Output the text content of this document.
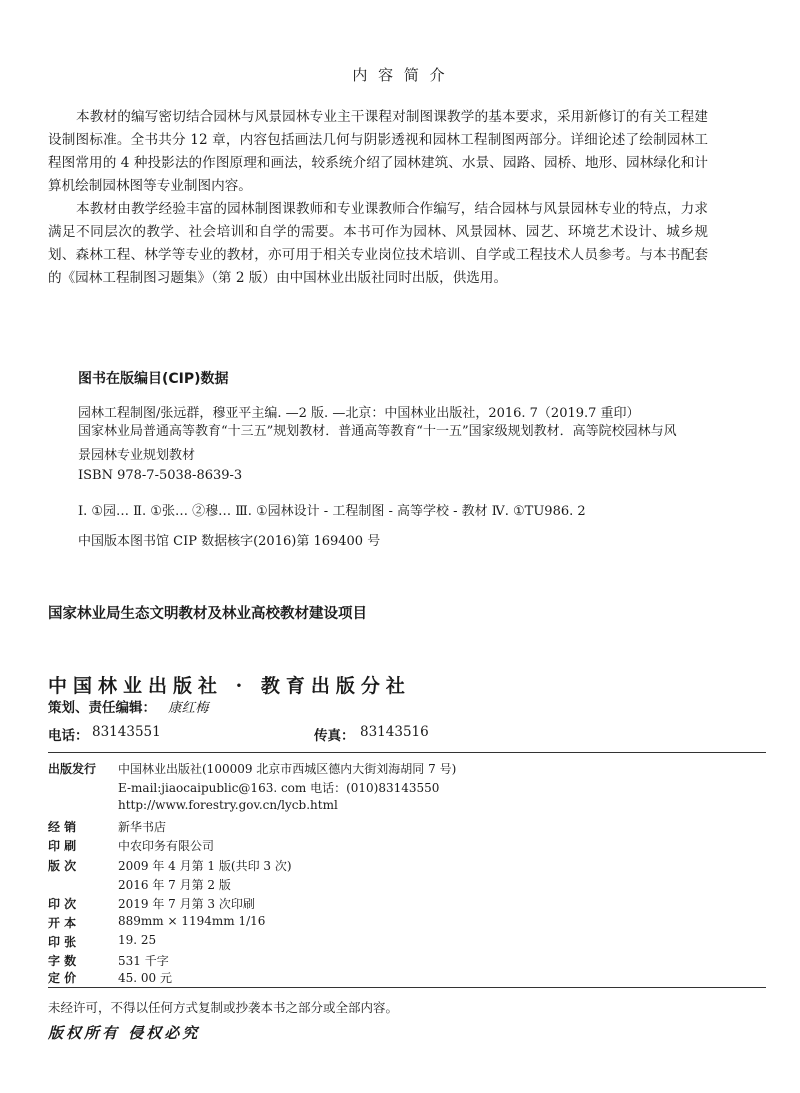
内 容 简 介

本教材的编写密切结合园林与风景园林专业主干课程对制图课教学的基本要求，采用新修订的有关工程建设制图标准。全书共分 12 章，内容包括画法几何与阴影透视和园林工程制图两部分。详细论述了绘制园林工程图常用的 4 种投影法的作图原理和画法，较系统介绍了园林建筑、水景、园路、园桥、地形、园林绿化和计算机绘制园林图等专业制图内容。

本教材由教学经验丰富的园林制图课教师和专业课教师合作编写，结合园林与风景园林专业的特点，力求满足不同层次的教学、社会培训和自学的需要。本书可作为园林、风景园林、园艺、环境艺术设计、城乡规划、森林工程、林学等专业的教材，亦可用于相关专业岗位技术培训、自学或工程技术人员参考。与本书配套的《园林工程制图习题集》（第 2 版）由中国林业出版社同时出版，供选用。

图书在版编目(CIP)数据
园林工程制图/张远群，穆亚平主编. —2 版. —北京：中国林业出版社，2016. 7（2019.7 重印）

国家林业局普通高等教育“十三五”规划教材．普通高等教育“十一五”国家级规划教材．高等院校园林与风景园林专业规划教材

ISBN 978-7-5038-8639-3
Ⅰ. ①园… Ⅱ. ①张… ②穆… Ⅲ. ①园林设计 - 工程制图 - 高等学校 - 教材 Ⅳ. ①TU986. 2
中国版本图书馆 CIP 数据核字(2016)第 169400 号
国家林业局生态文明教材及林业高校教材建设项目
中国林业出版社 · 教育出版分社
策划、责任编辑： 康红梅
电话： 83143551	传真： 83143516
出版发行	中国林业出版社(100009 北京市西城区德内大街刘海胡同 7 号)
E-mail:jiaocaipublic@163. com 电话：(010)83143550
http://www.forestry.gov.cn/lycb.html
经 销	新华书店
印 刷	中农印务有限公司
版 次	2009 年 4 月第 1 版(共印 3 次)
2016 年 7 月第 2 版
印 次	2019 年 7 月第 3 次印刷
开 本	889mm × 1194mm 1/16
印 张	19. 25
字 数	531 千字
定 价	45. 00 元
未经许可，不得以任何方式复制或抄袭本书之部分或全部内容。
版权所有 侵权必究
